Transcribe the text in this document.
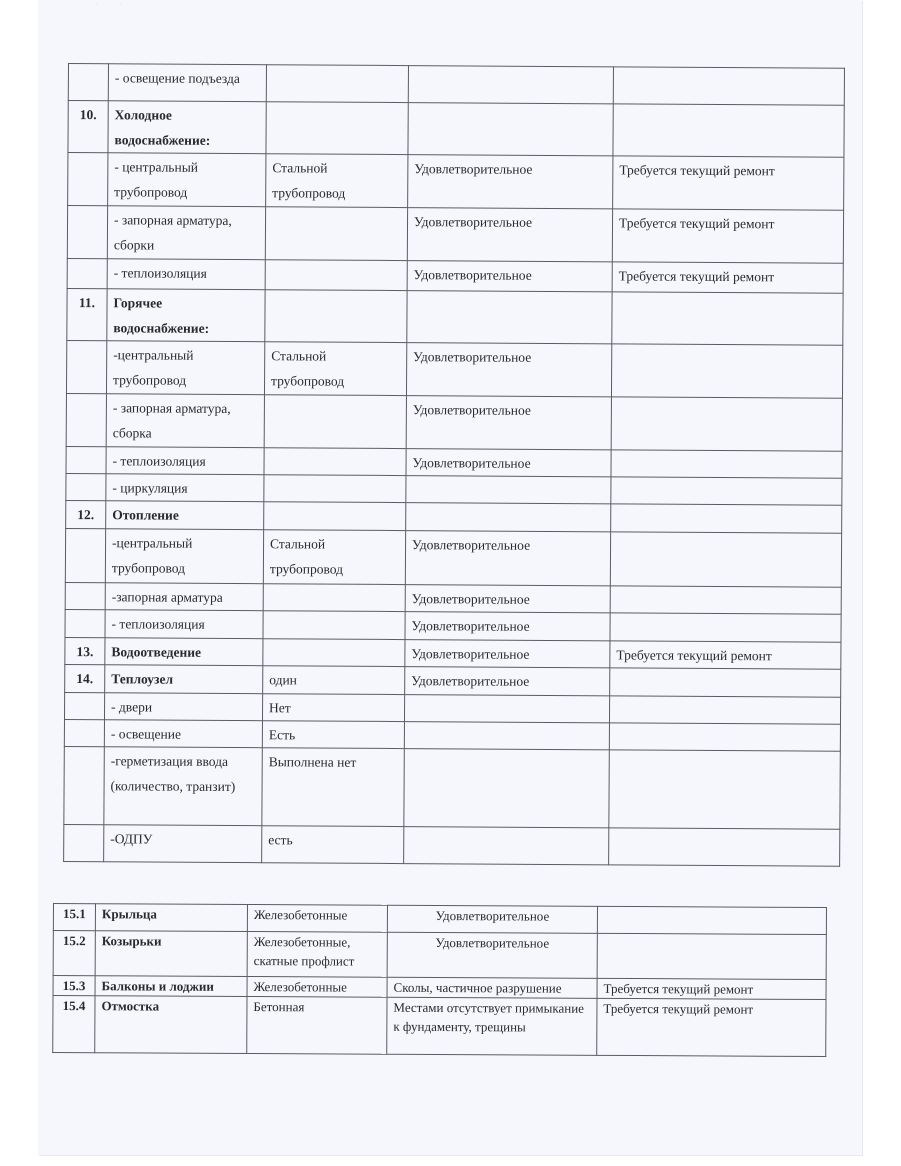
· ·
	- освещение подъезда			
10.	Холодное водоснабжение:			
	- центральный трубопровод	Стальной трубопровод	Удовлетворительное	Требуется текущий ремонт
	- запорная арматура, сборки		Удовлетворительное	Требуется текущий ремонт
	- теплоизоляция		Удовлетворительное	Требуется текущий ремонт
11.	Горячее водоснабжение:			
	-центральный трубопровод	Стальной трубопровод	Удовлетворительное	
	- запорная арматура, сборка		Удовлетворительное	
	- теплоизоляция		Удовлетворительное	
	- циркуляция			
12.	Отопление			
	-центральный трубопровод	Стальной трубопровод	Удовлетворительное	
	-запорная арматура		Удовлетворительное	
	- теплоизоляция		Удовлетворительное	
13.	Водоотведение		Удовлетворительное	Требуется текущий ремонт
14.	Теплоузел	один	Удовлетворительное	
	- двери	Нет		
	- освещение	Есть		
	-герметизация ввода (количество, транзит)	Выполнена нет		
	-ОДПУ	есть		
15.1	Крыльца	Железобетонные	Удовлетворительное	
15.2	Козырьки	Железобетонные, скатные профлист	Удовлетворительное	
15.3	Балконы и лоджии	Железобетонные	Сколы, частичное разрушение	Требуется текущий ремонт
15.4	Отмостка	Бетонная	Местами отсутствует примыкание к фундаменту, трещины	Требуется текущий ремонт
